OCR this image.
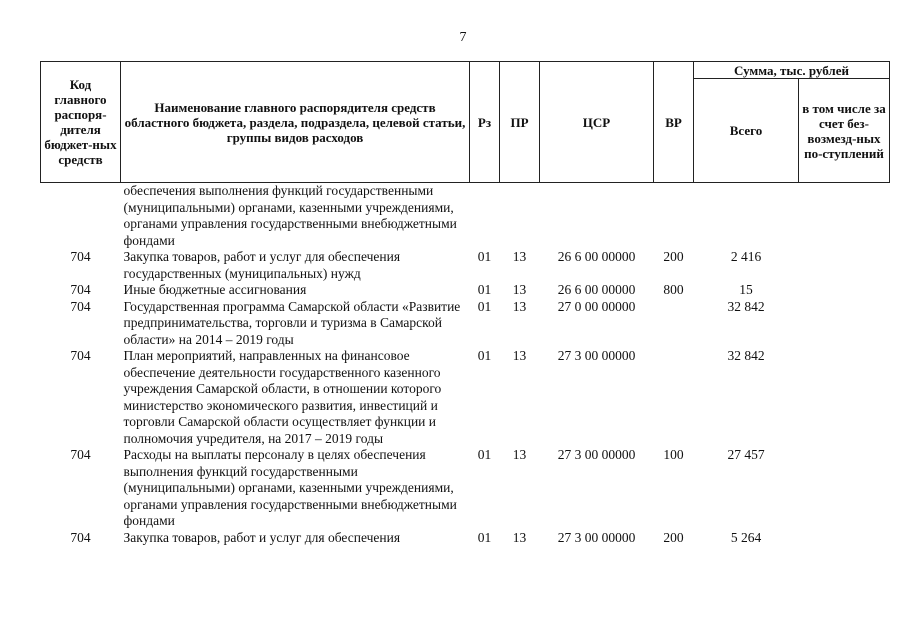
7
Код главного распоря-дителя бюджет-ных средств	Наименование главного распорядителя средств областного бюджета, раздела, подраздела, целевой статьи, группы видов расходов	Рз	ПР	ЦСР	ВР	Сумма, тыс. рублей	
						Всего	в том числе за счет без-возмезд-ных по-ступлений
	обеспечения выполнения функций государственными (муниципальными) органами, казенными учреждениями, органами управления государственными внебюджетными фондами						
704	Закупка товаров, работ и услуг для обеспечения государственных (муниципальных) нужд	01	13	26 6 00 00000	200	2 416	
704	Иные бюджетные ассигнования	01	13	26 6 00 00000	800	15	
704	Государственная программа Самарской области «Развитие предпринимательства, торговли и туризма в Самарской области» на 2014 – 2019 годы	01	13	27 0 00 00000		32 842	
704	План мероприятий, направленных на финансовое обеспечение деятельности государственного казенного учреждения Самарской области, в отношении которого министерство экономического развития, инвестиций и торговли Самарской области осуществляет функции и полномочия учредителя, на 2017 – 2019 годы	01	13	27 3 00 00000		32 842	
704	Расходы на выплаты персоналу в целях обеспечения выполнения функций государственными (муниципальными) органами, казенными учреждениями, органами управления государственными внебюджетными фондами	01	13	27 3 00 00000	100	27 457	
704	Закупка товаров, работ и услуг для обеспечения	01	13	27 3 00 00000	200	5 264	
